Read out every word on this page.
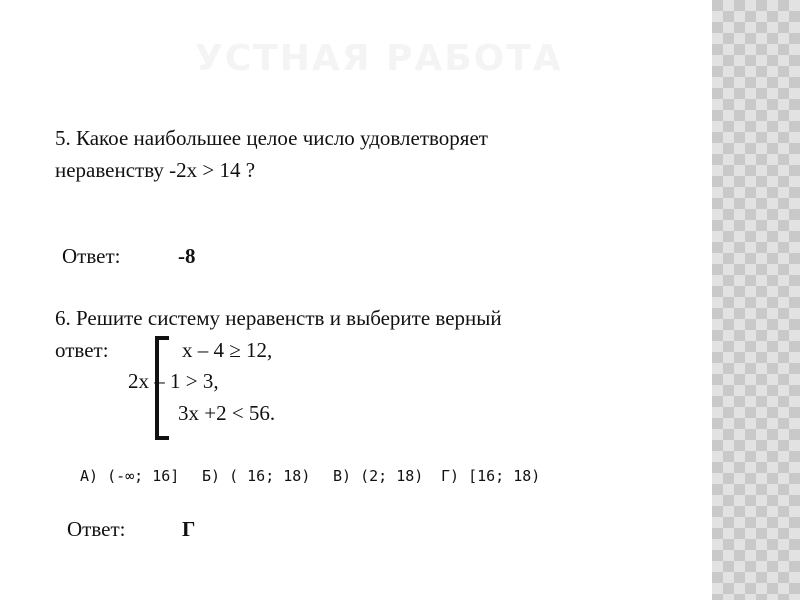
УСТНАЯ РАБОТА
5. Какое наибольшее целое число удовлетворяет
неравенству -2x > 14 ?
Ответ:	-8
6. Решите систему неравенств и выберите верный
ответ:	x – 4 ≥ 12,
2x – 1 > 3,
3x +2 < 56.
А) (-∞; 16] Б) ( 16; 18) В) (2; 18) Г) [16; 18)
Ответ:	Г
